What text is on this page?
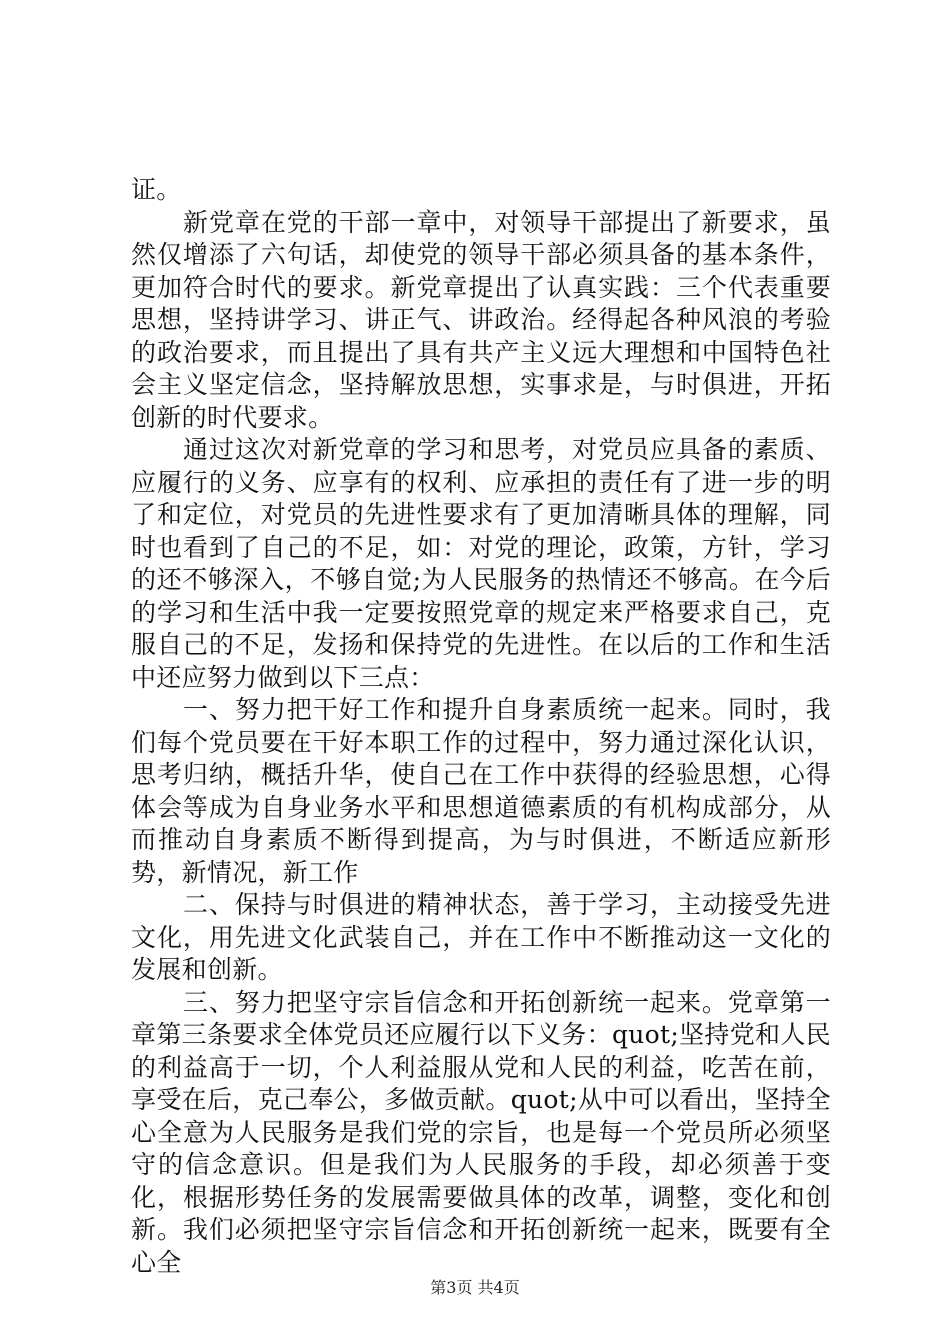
证。

新党章在党的干部一章中，对领导干部提出了新要求，虽然仅增添了六句话，却使党的领导干部必须具备的基本条件，更加符合时代的要求。新党章提出了认真实践：三个代表重要思想，坚持讲学习、讲正气、讲政治。经得起各种风浪的考验的政治要求，而且提出了具有共产主义远大理想和中国特色社会主义坚定信念，坚持解放思想，实事求是，与时俱进，开拓创新的时代要求。

通过这次对新党章的学习和思考，对党员应具备的素质、应履行的义务、应享有的权利、应承担的责任有了进一步的明了和定位，对党员的先进性要求有了更加清晰具体的理解，同时也看到了自己的不足，如：对党的理论，政策，方针，学习的还不够深入，不够自觉;为人民服务的热情还不够高。在今后的学习和生活中我一定要按照党章的规定来严格要求自己，克服自己的不足，发扬和保持党的先进性。在以后的工作和生活中还应努力做到以下三点：

一、努力把干好工作和提升自身素质统一起来。同时，我们每个党员要在干好本职工作的过程中，努力通过深化认识，思考归纳，概括升华，使自己在工作中获得的经验思想，心得体会等成为自身业务水平和思想道德素质的有机构成部分，从而推动自身素质不断得到提高，为与时俱进，不断适应新形势，新情况，新工作

二、保持与时俱进的精神状态，善于学习，主动接受先进文化，用先进文化武装自己，并在工作中不断推动这一文化的发展和创新。

三、努力把坚守宗旨信念和开拓创新统一起来。党章第一章第三条要求全体党员还应履行以下义务：quot;坚持党和人民的利益高于一切，个人利益服从党和人民的利益，吃苦在前，享受在后，克己奉公，多做贡献。quot;从中可以看出，坚持全心全意为人民服务是我们党的宗旨，也是每一个党员所必须坚守的信念意识。但是我们为人民服务的手段，却必须善于变化，根据形势任务的发展需要做具体的改革，调整，变化和创新。我们必须把坚守宗旨信念和开拓创新统一起来，既要有全心全

第3页 共4页
